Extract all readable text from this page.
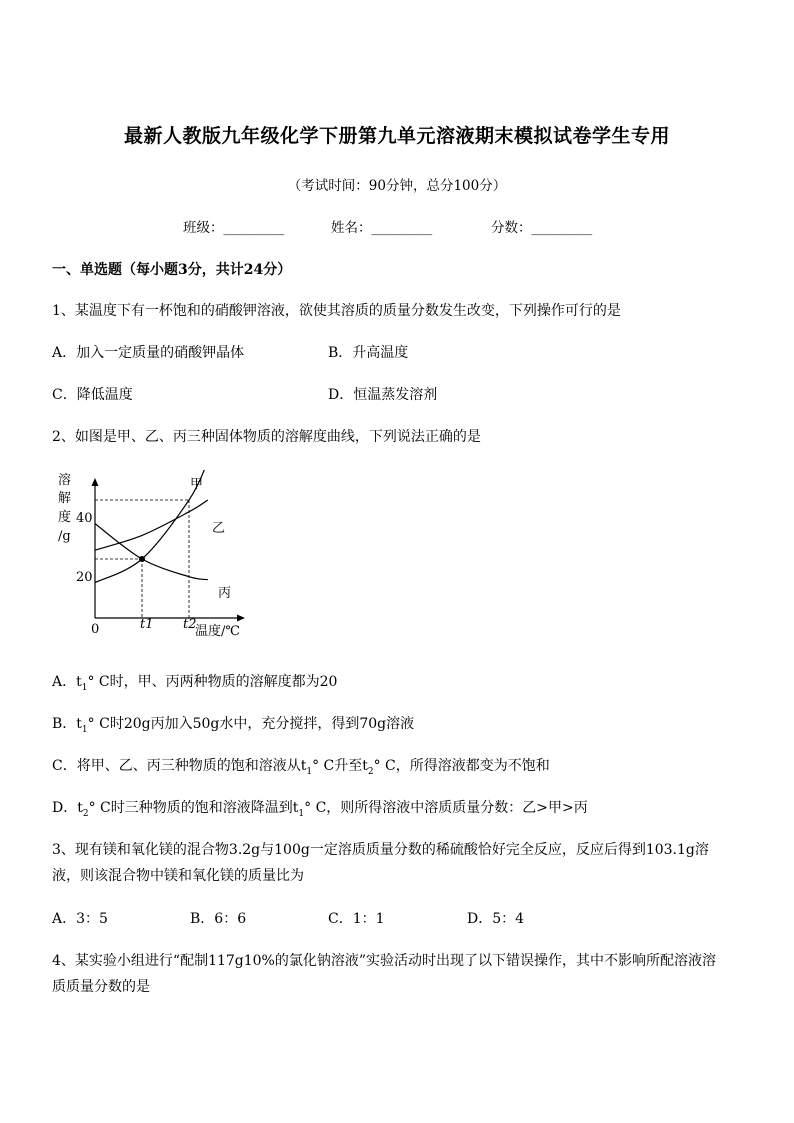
最新人教版九年级化学下册第九单元溶液期末模拟试卷学生专用
（考试时间：90分钟，总分100分）
班级：_________	姓名：_________	分数：_________
一、单选题（每小题3分，共计24分）
1、某温度下有一杯饱和的硝酸钾溶液，欲使其溶质的质量分数发生改变，下列操作可行的是
A．加入一定质量的硝酸钾晶体	B．升高温度
C．降低温度	D．恒温蒸发溶剂
2、如图是甲、乙、丙三种固体物质的溶解度曲线，下列说法正确的是
溶
解
度
/g
0
20
40
t1 t2
温度/℃
甲
乙
丙
A．$t_1^\circ$ C时，甲、丙两种物质的溶解度都为20
B．$t_1^\circ$ C时20g丙加入50g水中，充分搅拌，得到70g溶液
C．将甲、乙、丙三种物质的饱和溶液从$t_1^\circ$ C升至$t_2^\circ$ C，所得溶液都变为不饱和
D．$t_2^\circ$ C时三种物质的饱和溶液降温到$t_1^\circ$ C，则所得溶液中溶质质量分数：乙>甲>丙
3、现有镁和氧化镁的混合物3.2g与100g一定溶质质量分数的稀硫酸恰好完全反应，反应后得到103.1g溶
液，则该混合物中镁和氧化镁的质量比为
A．3：5	B．6：6	C．1：1	D．5：4
4、某实验小组进行“配制117g10%的氯化钠溶液”实验活动时出现了以下错误操作，其中不影响所配溶液溶
质质量分数的是
